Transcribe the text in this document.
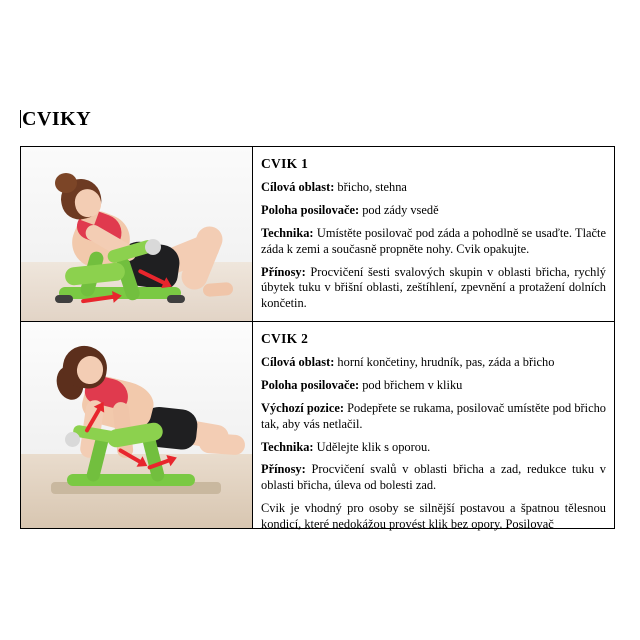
CVIKY
CVIK 1

Cílová oblast: břicho, stehna

Poloha posilovače: pod zády vsedě

Technika: Umístěte posilovač pod záda a pohodlně se usaďte. Tlačte záda k zemi a současně propněte nohy. Cvik opakujte.

Přínosy: Procvičení šesti svalových skupin v oblasti břicha, rychlý úbytek tuku v břišní oblasti, zeštíhlení, zpevnění a protažení dolních končetin.

CVIK 2

Cílová oblast: horní končetiny, hrudník, pas, záda a břicho

Poloha posilovače: pod břichem v kliku

Výchozí pozice: Podepřete se rukama, posilovač umístěte pod břicho tak, aby vás netlačil.

Technika: Udělejte klik s oporou.

Přínosy: Procvičení svalů v oblasti břicha a zad, redukce tuku v oblasti břicha, úleva od bolesti zad.

Cvik je vhodný pro osoby se silnější postavou a špatnou tělesnou kondicí, které nedokážou provést klik bez opory. Posilovač
